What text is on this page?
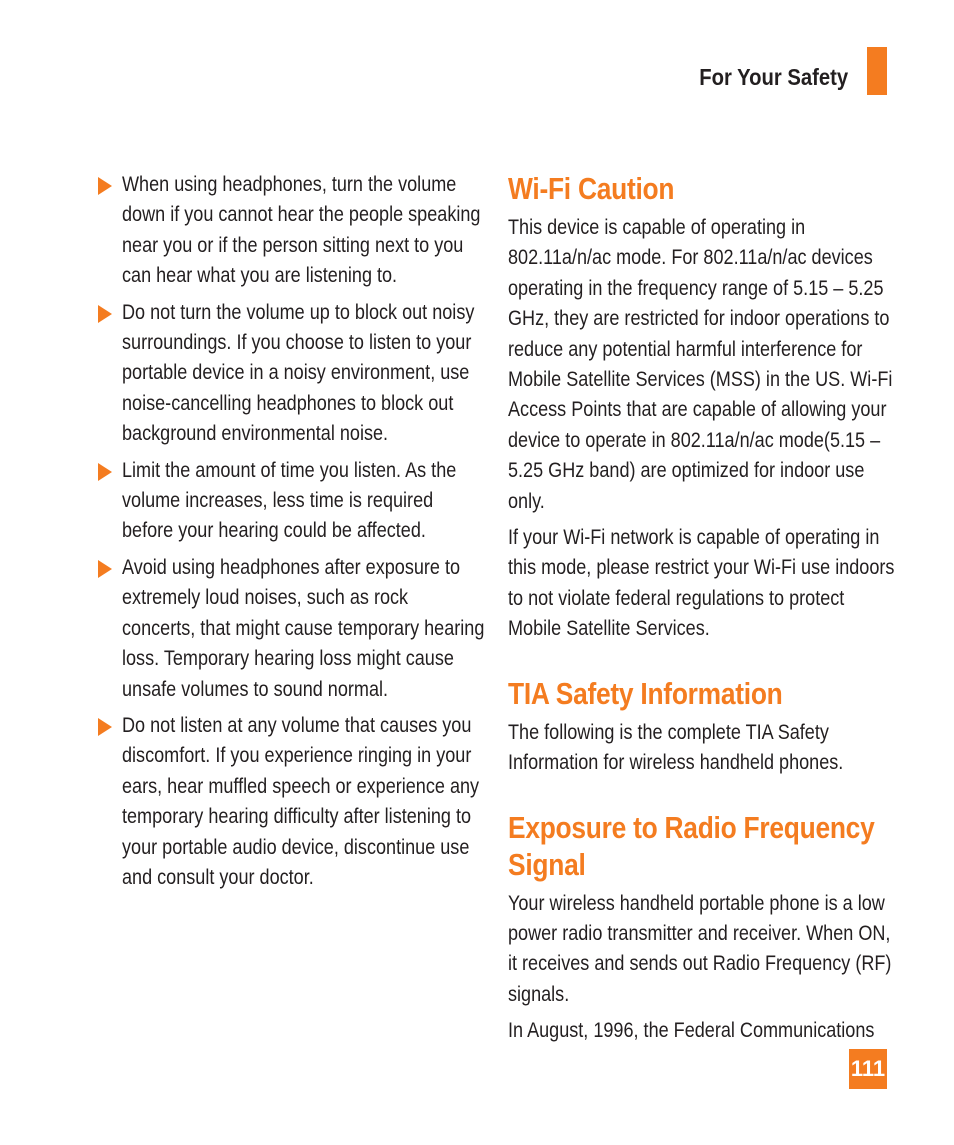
For Your Safety

When using headphones, turn the volume down if you cannot hear the people speaking near you or if the person sitting next to you can hear what you are listening to.

Do not turn the volume up to block out noisy surroundings. If you choose to listen to your portable device in a noisy environment, use noise-cancelling headphones to block out background environmental noise.

Limit the amount of time you listen. As the volume increases, less time is required before your hearing could be affected.

Avoid using headphones after exposure to extremely loud noises, such as rock concerts, that might cause temporary hearing loss. Temporary hearing loss might cause unsafe volumes to sound normal.

Do not listen at any volume that causes you discomfort. If you experience ringing in your ears, hear muffled speech or experience any temporary hearing difficulty after listening to your portable audio device, discontinue use and consult your doctor.

Wi-Fi Caution

This device is capable of operating in 802.11a/n/ac mode. For 802.11a/n/ac devices operating in the frequency range of 5.15 – 5.25 GHz, they are restricted for indoor operations to reduce any potential harmful interference for Mobile Satellite Services (MSS) in the US. Wi-Fi Access Points that are capable of allowing your device to operate in 802.11a/n/ac mode(5.15 – 5.25 GHz band) are optimized for indoor use only.

If your Wi-Fi network is capable of operating in this mode, please restrict your Wi-Fi use indoors to not violate federal regulations to protect Mobile Satellite Services.

TIA Safety Information

The following is the complete TIA Safety Information for wireless handheld phones.

Exposure to Radio Frequency Signal

Your wireless handheld portable phone is a low power radio transmitter and receiver. When ON, it receives and sends out Radio Frequency (RF) signals.

In August, 1996, the Federal Communications

111
